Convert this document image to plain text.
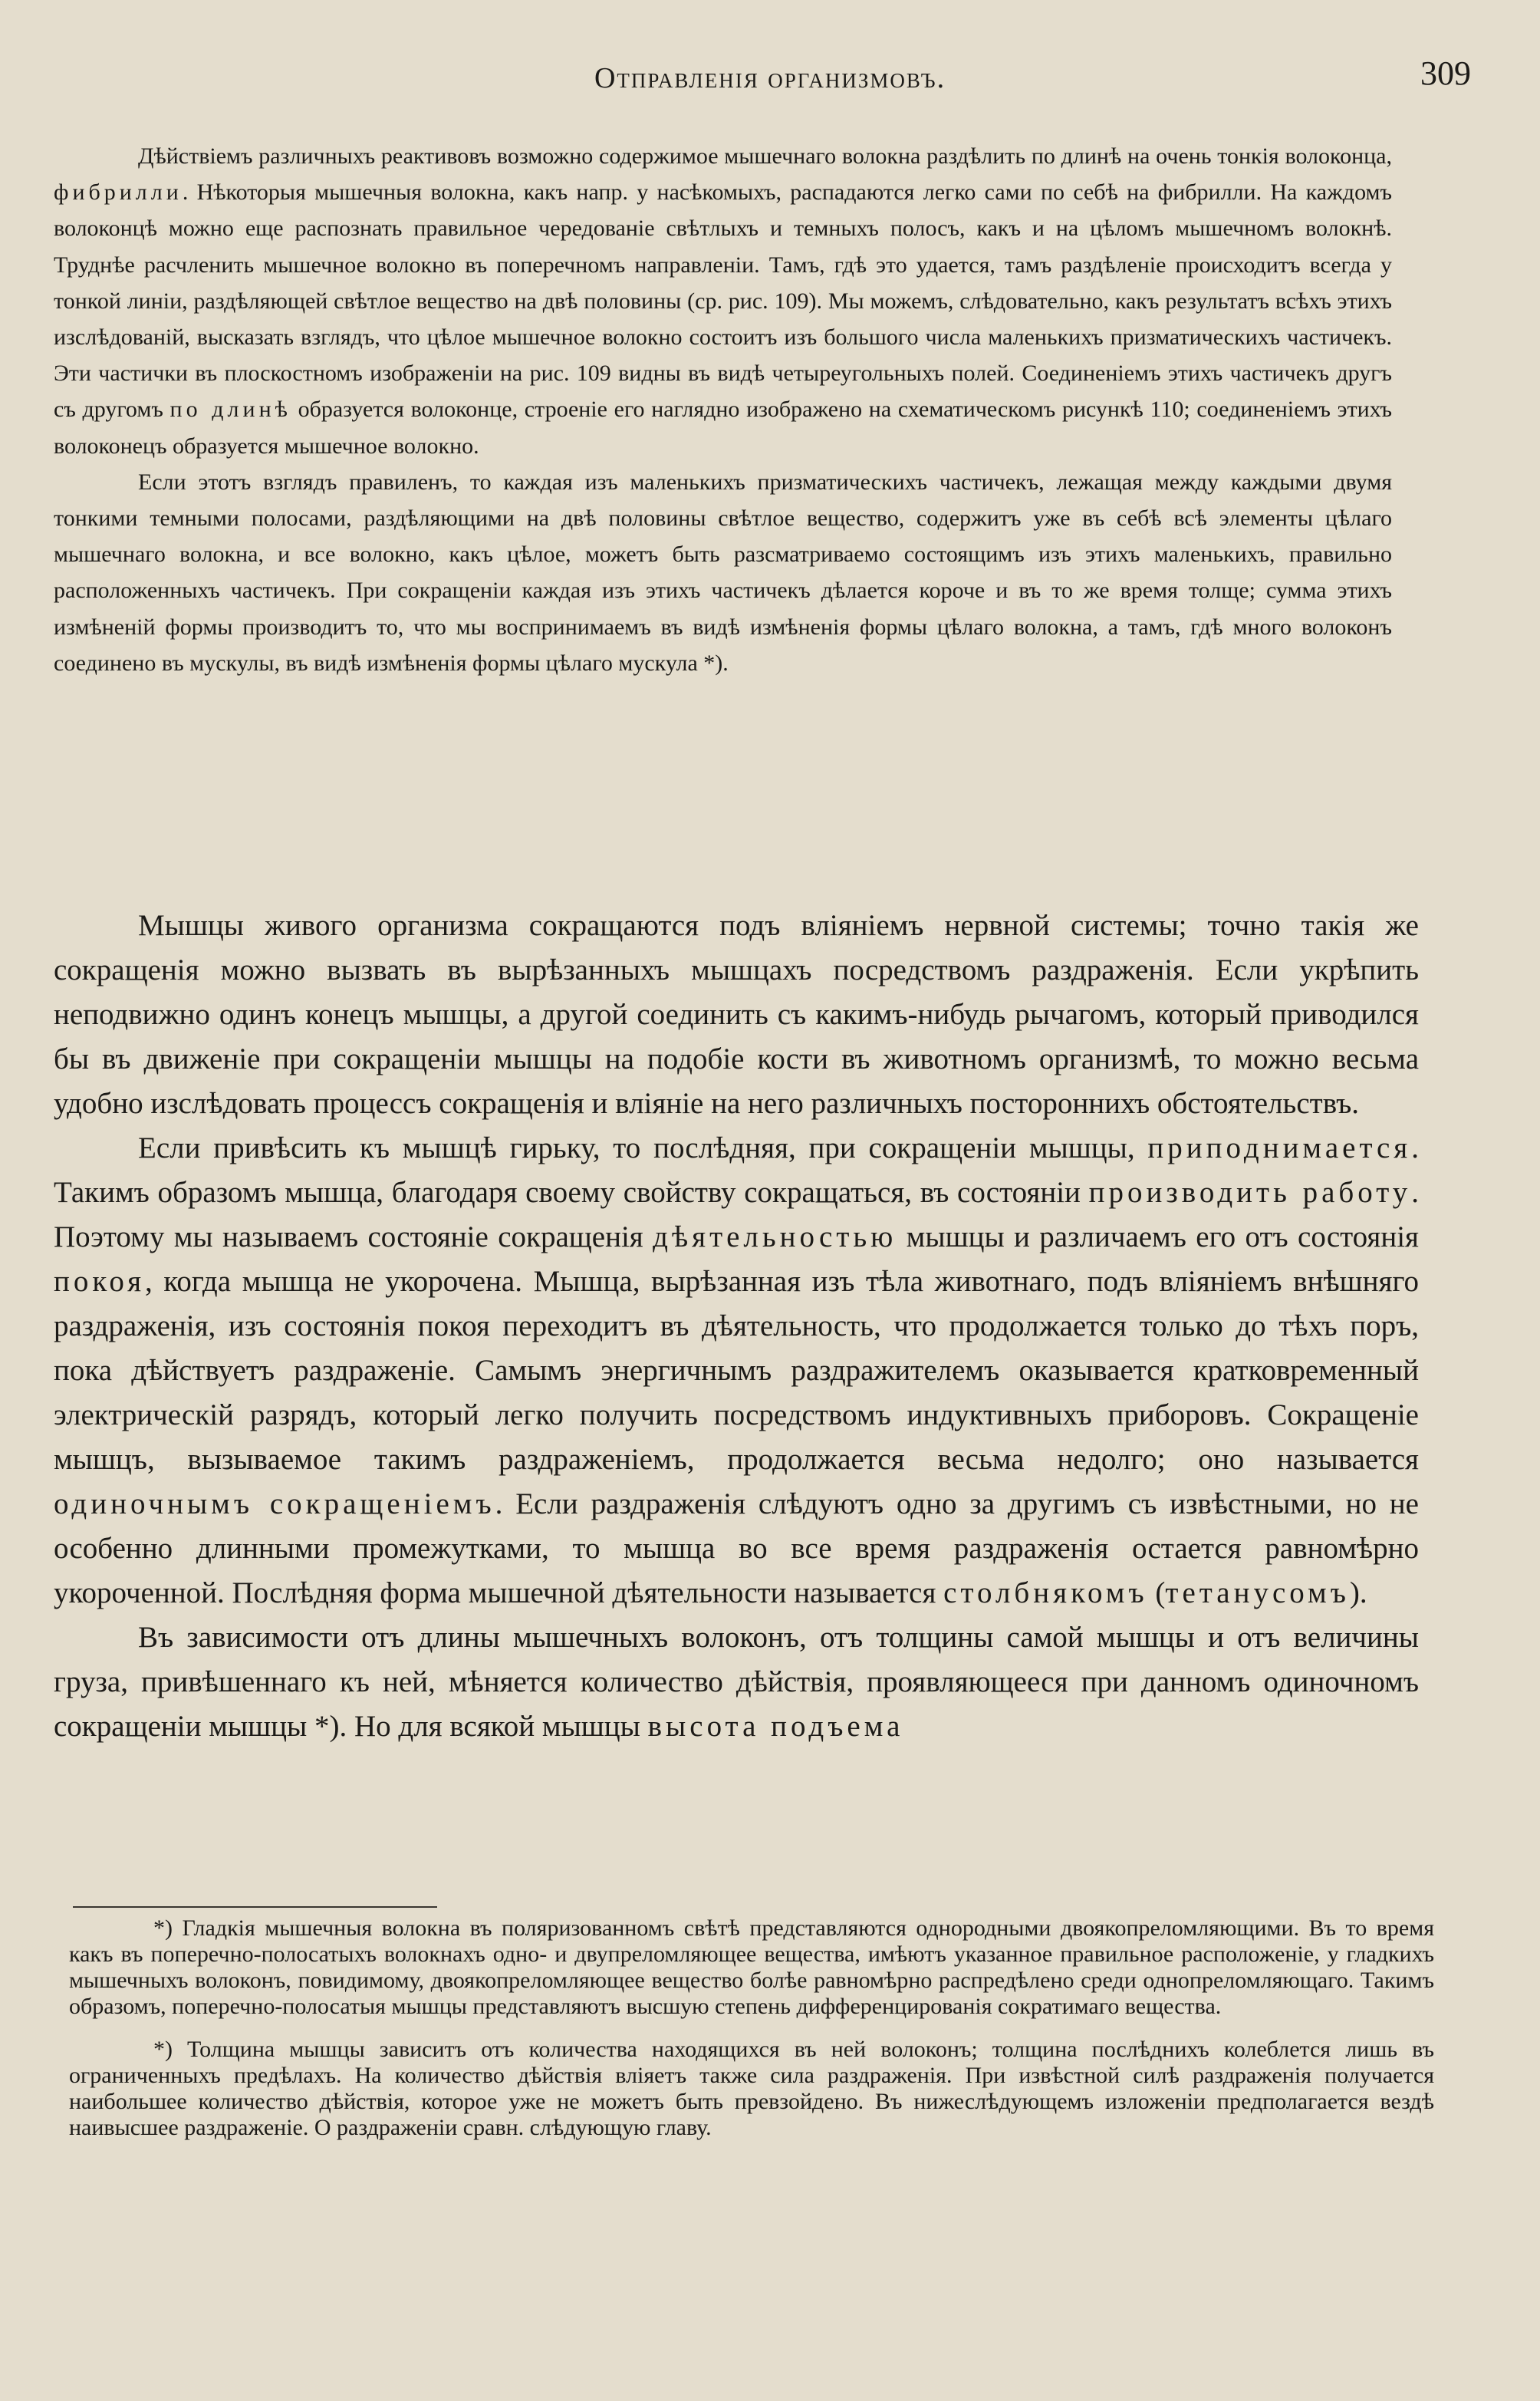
Отправленія организмовъ.	309

Дѣйствіемъ различныхъ реактивовъ возможно содержимое мышечнаго волокна раздѣлить по длинѣ на очень тонкія волоконца, фибрилли. Нѣкоторыя мышечныя волокна, какъ напр. у насѣкомыхъ, распадаются легко сами по себѣ на фибрилли. На каждомъ волоконцѣ можно еще распознать правильное чередованіе свѣтлыхъ и темныхъ полосъ, какъ и на цѣломъ мышечномъ волокнѣ. Труднѣе расчленить мышечное волокно въ поперечномъ направленіи. Тамъ, гдѣ это удается, тамъ раздѣленіе происходитъ всегда у тонкой линіи, раздѣляющей свѣтлое вещество на двѣ половины (ср. рис. 109). Мы можемъ, слѣдовательно, какъ результатъ всѣхъ этихъ изслѣдованій, высказать взглядъ, что цѣлое мышечное волокно состоитъ изъ большого числа маленькихъ призматическихъ частичекъ. Эти частички въ плоскостномъ изображеніи на рис. 109 видны въ видѣ четыреугольныхъ полей. Соединеніемъ этихъ частичекъ другъ съ другомъ по длинѣ образуется волоконце, строеніе его наглядно изображено на схематическомъ рисункѣ 110; соединеніемъ этихъ волоконецъ образуется мышечное волокно.

Если этотъ взглядъ правиленъ, то каждая изъ маленькихъ призматическихъ частичекъ, лежащая между каждыми двумя тонкими темными полосами, раздѣляющими на двѣ половины свѣтлое вещество, содержитъ уже въ себѣ всѣ элементы цѣлаго мышечнаго волокна, и все волокно, какъ цѣлое, можетъ быть разсматриваемо состоящимъ изъ этихъ маленькихъ, правильно расположенныхъ частичекъ. При сокращеніи каждая изъ этихъ частичекъ дѣлается короче и въ то же время толще; сумма этихъ измѣненій формы производитъ то, что мы воспринимаемъ въ видѣ измѣненія формы цѣлаго волокна, а тамъ, гдѣ много волоконъ соединено въ мускулы, въ видѣ измѣненія формы цѣлаго мускула *).

Мышцы живого организма сокращаются подъ вліяніемъ нервной системы; точно такія же сокращенія можно вызвать въ вырѣзанныхъ мышцахъ посредствомъ раздраженія. Если укрѣпить неподвижно одинъ конецъ мышцы, а другой соединить съ какимъ-нибудь рычагомъ, который приводился бы въ движеніе при сокращеніи мышцы на подобіе кости въ животномъ организмѣ, то можно весьма удобно изслѣдовать процессъ сокращенія и вліяніе на него различныхъ постороннихъ обстоятельствъ.

Если привѣсить къ мышцѣ гирьку, то послѣдняя, при сокращеніи мышцы, приподнимается. Такимъ образомъ мышца, благодаря своему свойству сокращаться, въ состояніи производить работу. Поэтому мы называемъ состояніе сокращенія дѣятельностью мышцы и различаемъ его отъ состоянія покоя, когда мышца не укорочена. Мышца, вырѣзанная изъ тѣла животнаго, подъ вліяніемъ внѣшняго раздраженія, изъ состоянія покоя переходитъ въ дѣятельность, что продолжается только до тѣхъ поръ, пока дѣйствуетъ раздраженіе. Самымъ энергичнымъ раздражителемъ оказывается кратковременный электрическій разрядъ, который легко получить посредствомъ индуктивныхъ приборовъ. Сокращеніе мышцъ, вызываемое такимъ раздраженіемъ, продолжается весьма недолго; оно называется одиночнымъ сокращеніемъ. Если раздраженія слѣдуютъ одно за другимъ съ извѣстными, но не особенно длинными промежутками, то мышца во все время раздраженія остается равномѣрно укороченной. Послѣдняя форма мышечной дѣятельности называется столбнякомъ (тетанусомъ).

Въ зависимости отъ длины мышечныхъ волоконъ, отъ толщины самой мышцы и отъ величины груза, привѣшеннаго къ ней, мѣняется количество дѣйствія, проявляющееся при данномъ одиночномъ сокращеніи мышцы *). Но для всякой мышцы высота подъема

*) Гладкія мышечныя волокна въ поляризованномъ свѣтѣ представляются однородными двоякопреломляющими. Въ то время какъ въ поперечно-полосатыхъ волокнахъ одно- и двупреломляющее вещества, имѣютъ указанное правильное расположеніе, у гладкихъ мышечныхъ волоконъ, повидимому, двоякопреломляющее вещество болѣе равномѣрно распредѣлено среди однопреломляющаго. Такимъ образомъ, поперечно-полосатыя мышцы представляютъ высшую степень дифференцированія сократимаго вещества.

*) Толщина мышцы зависитъ отъ количества находящихся въ ней волоконъ; толщина послѣднихъ колеблется лишь въ ограниченныхъ предѣлахъ. На количество дѣйствія вліяетъ также сила раздраженія. При извѣстной силѣ раздраженія получается наибольшее количество дѣйствія, которое уже не можетъ быть превзойдено. Въ нижеслѣдующемъ изложеніи предполагается вездѣ наивысшее раздраженіе. О раздраженіи сравн. слѣдующую главу.
